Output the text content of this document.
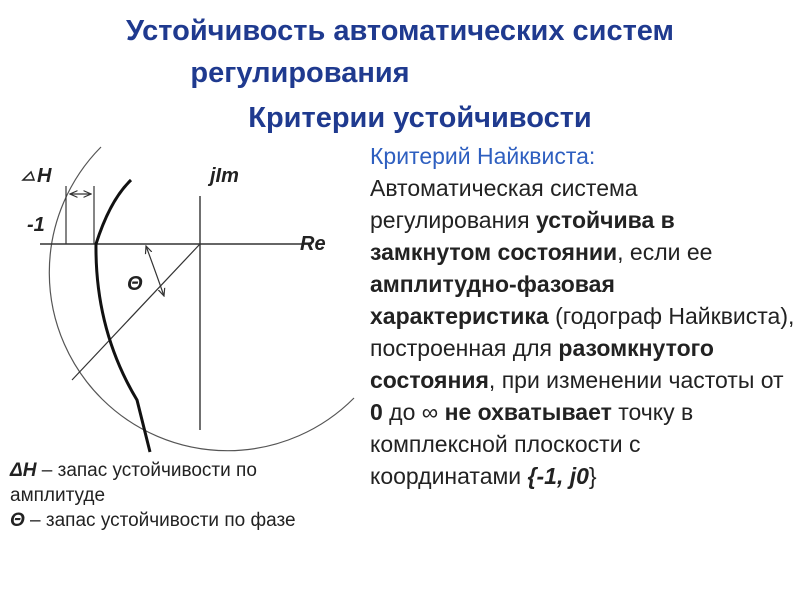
Устойчивость автоматических систем
регулирования
Критерии устойчивости
H
-1
jIm
Re
Θ
Критерий Найквиста:
Автоматическая система регулирования устойчива в замкнутом состоянии, если ее амплитудно-фазовая характеристика (годограф Найквиста), построенная для разомкнутого состояния, при изменении частоты от 0 до ∞ не охватывает точку в комплексной плоскости с координатами {-1, j0}
ΔH – запас устойчивости по амплитуде
Θ – запас устойчивости по фазе
